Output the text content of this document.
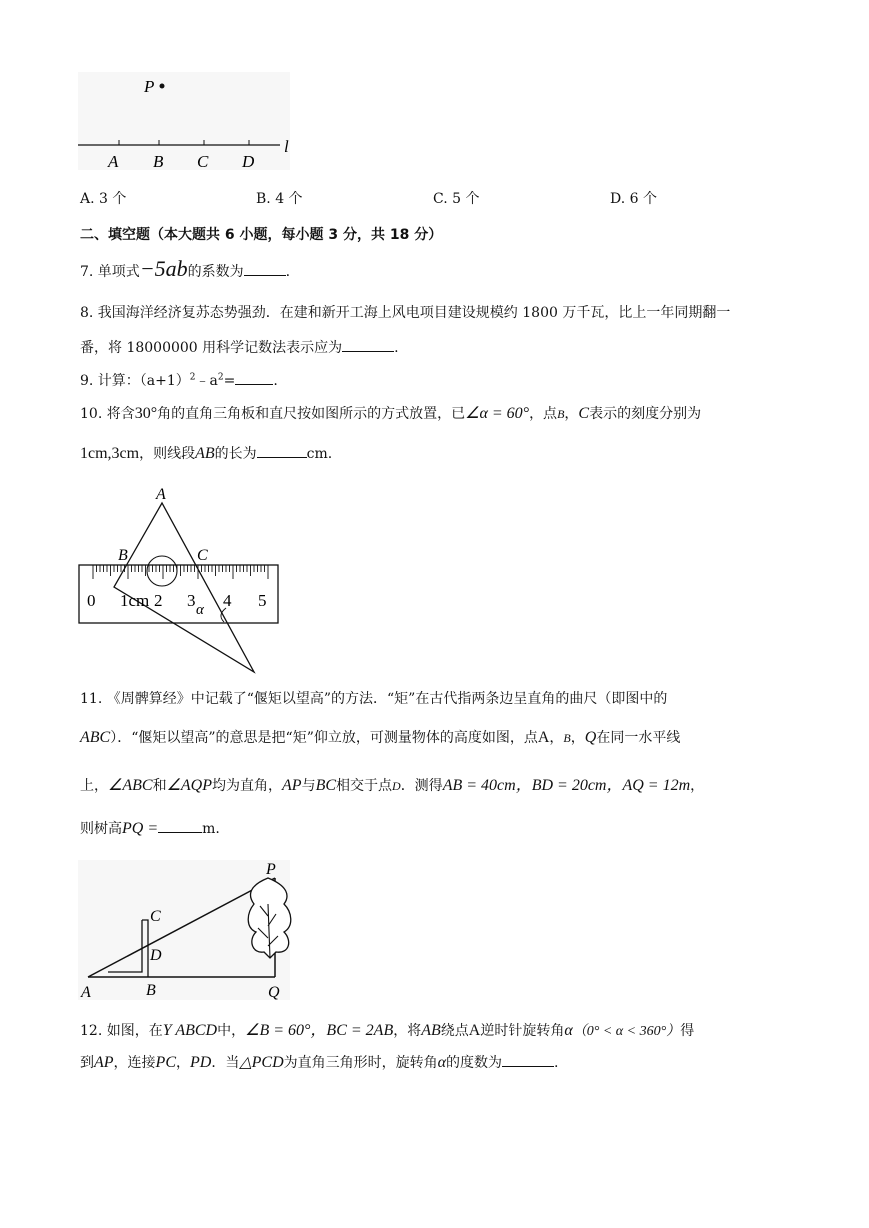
P
A B C D
l
A. 3 个	B. 4 个	C. 5 个	D. 6 个
二、填空题（本大题共 6 小题，每小题 3 分，共 18 分）
7. 单项式−5ab的系数为	.
8. 我国海洋经济复苏态势强劲．在建和新开工海上风电项目建设规模约 1800 万千瓦，比上一年同期翻一
番，将 18000000 用科学记数法表示应为	.
9. 计算：$(a+1)^2﹣a^2=$	.
10. 将含30°角的直角三角板和直尺按如图所示的方式放置，已∠α = 60°，点B，C表示的刻度分别为
1cm,3cm，则线段AB的长为	cm.
A
B	C
α
0 1cm 2 3 4 5
11. 《周髀算经》中记载了“偃矩以望高”的方法．“矩”在古代指两条边呈直角的曲尺（即图中的
ABC）．“偃矩以望高”的意思是把“矩”仰立放，可测量物体的高度如图，点A，B，Q在同一水平线
上，∠ABC和∠AQP均为直角，AP与BC相交于点D．测得AB = 40cm，BD = 20cm，AQ = 12m，
则树高PQ =	m.
P
C
D
A	B	Q
12. 如图，在Y ABCD中，∠B = 60°，BC = 2AB，将AB绕点A逆时针旋转角α（0° < α < 360°）得
到AP，连接PC，PD．当△PCD为直角三角形时，旋转角α的度数为	.
